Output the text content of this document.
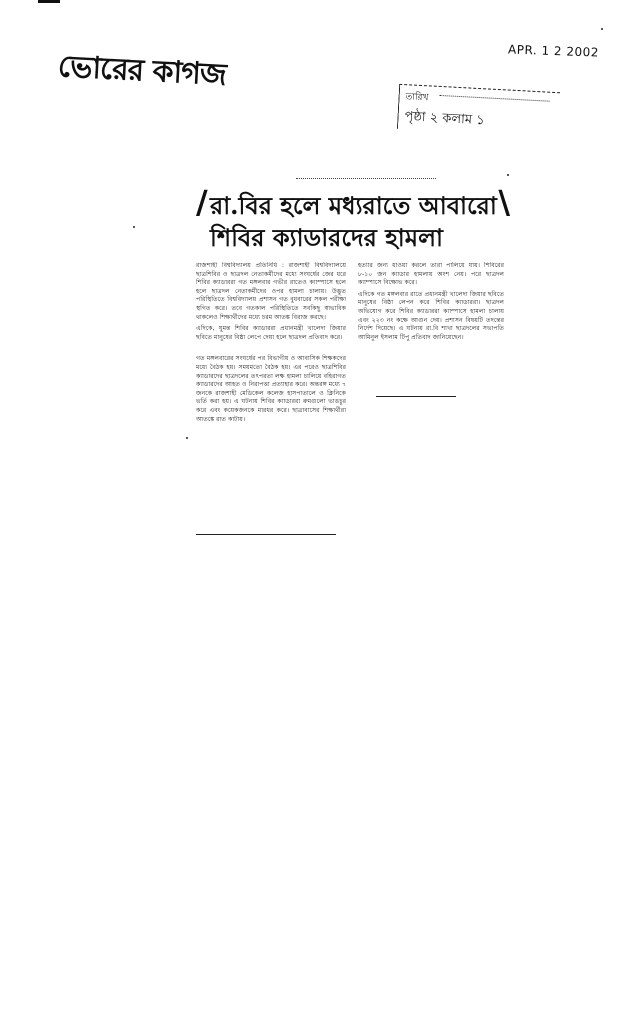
ভোরের কাগজ	APR. 1 2 2002
তারিখ
পৃষ্ঠা ২ কলাম ১
/ রা.বির হলে মধ্যরাতে আবারো
শিবির ক্যাডারদের হামলা
\

রাজশাহী বিশ্ববিদ্যালয় প্রতিনিধি : রাজশাহী বিশ্ববিদ্যালয়ে ছাত্রশিবির ও ছাত্রদল নেতাকর্মীদের মধ্যে সংঘর্ষের জের ধরে শিবির ক্যাডাররা গত মঙ্গলবার গভীর রাতেও ক্যাম্পাসে হলে হলে ছাত্রদল নেতাকর্মীদের ওপর হামলা চালায়। উদ্ভূত পরিস্থিতিতে বিশ্ববিদ্যালয় প্রশাসন গত বুধবারের সকল পরীক্ষা স্থগিত করে। তবে গতকাল পরিস্থিতিতে সবকিছু স্বাভাবিক থাকলেও শিক্ষার্থীদের মধ্যে চরম আতঙ্ক বিরাজ করছে।

এদিকে, ঘুমন্ত শিবির ক্যাডাররা প্রধানমন্ত্রী খালেদা জিয়ার ছবিতে মানুষের বিষ্ঠা লেপে দেয়া হলে ছাত্রদল প্রতিবাদ করে।

গত মঙ্গলবারের সংঘর্ষের পর বিভাগীয় ও আবাসিক শিক্ষকদের মধ্যে বৈঠক হয়। সময়মতো বৈঠক হয়। এর পরেও ছাত্রশিবির ক্যাডারদের ছাত্রদলের তৎপরতা লক্ষ হামলা চালিয়ে বহিরাগত ক্যাডারদের আহত ও নিরাপত্তা প্রত্যাহার করে। অন্তরঙ্গ মধ্যে ৭ জনকে রাজশাহী মেডিকেল কলেজ হাসপাতালে ও ক্লিনিকে ভর্তি করা হয়। এ ঘটনায় শিবির ক্যাডাররা রুমগুলো ভাঙচুর করে এবং কয়েকজনকে মারধর করে। ছাত্রাবাসের শিক্ষার্থীরা আতঙ্কে রাত কাটায়।

হত্যার জন্য ধাওয়া করলে তারা পালিয়ে যায়। শিবিরের ৮-১০ জন ক্যাডার হামলায় অংশ নেয়। পরে ছাত্রদল ক্যাম্পাসে বিক্ষোভ করে।

এদিকে গত মঙ্গলবার রাতে প্রধানমন্ত্রী খালেদা জিয়ার ছবিতে মানুষের বিষ্ঠা লেপন করে শিবির ক্যাডাররা। ছাত্রদল অভিযোগ করে শিবির ক্যাডাররা ক্যাম্পাসে হামলা চালায় এবং ২২৩ নং কক্ষে আগুন দেয়। প্রশাসন বিষয়টি তদন্তের নির্দেশ দিয়েছে। এ ঘটনায় রা.বি শাখা ছাত্রদলের সভাপতি আমিনুল ইসলাম টিপু প্রতিবাদ জানিয়েছেন।
